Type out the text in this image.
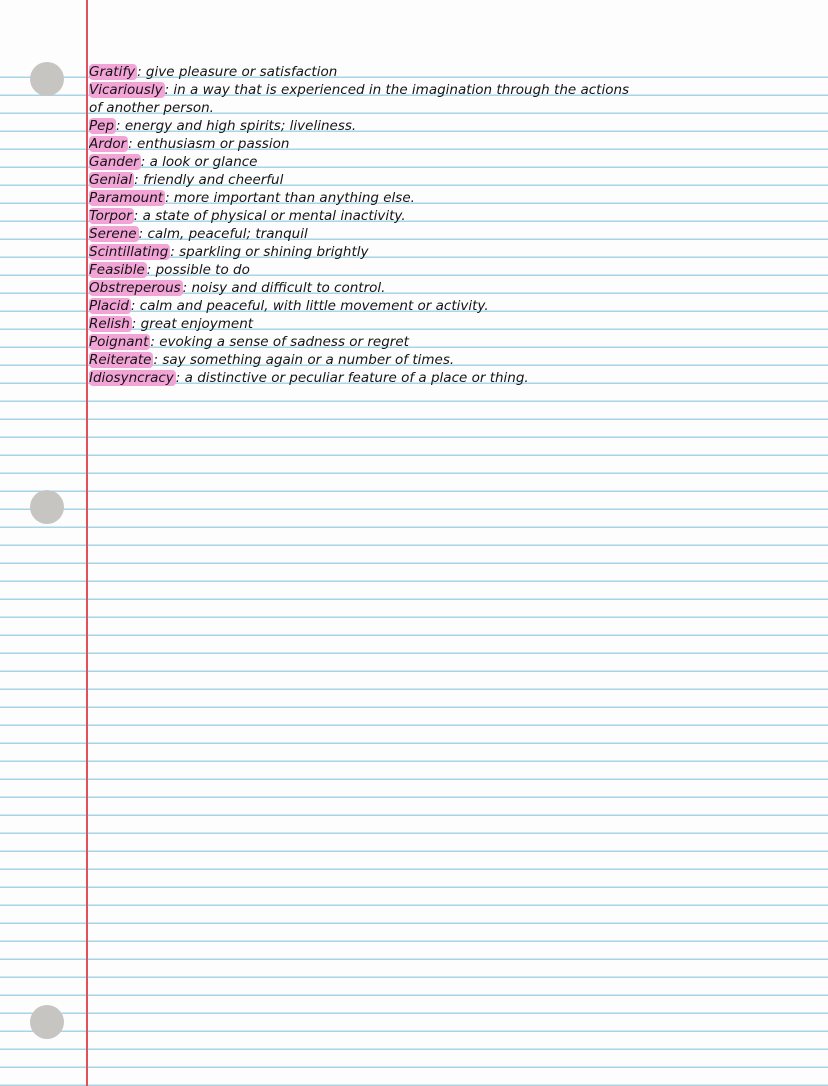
Gratify : give pleasure or satisfaction
Vicariously : in a way that is experienced in the imagination through the actions
of another person.
Pep : energy and high spirits; liveliness.
Ardor : enthusiasm or passion
Gander : a look or glance
Genial : friendly and cheerful
Paramount : more important than anything else.
Torpor : a state of physical or mental inactivity.
Serene : calm, peaceful; tranquil
Scintillating : sparkling or shining brightly
Feasible : possible to do
Obstreperous : noisy and difficult to control.
Placid : calm and peaceful, with little movement or activity.
Relish : great enjoyment
Poignant : evoking a sense of sadness or regret
Reiterate : say something again or a number of times.
Idiosyncracy : a distinctive or peculiar feature of a place or thing.
